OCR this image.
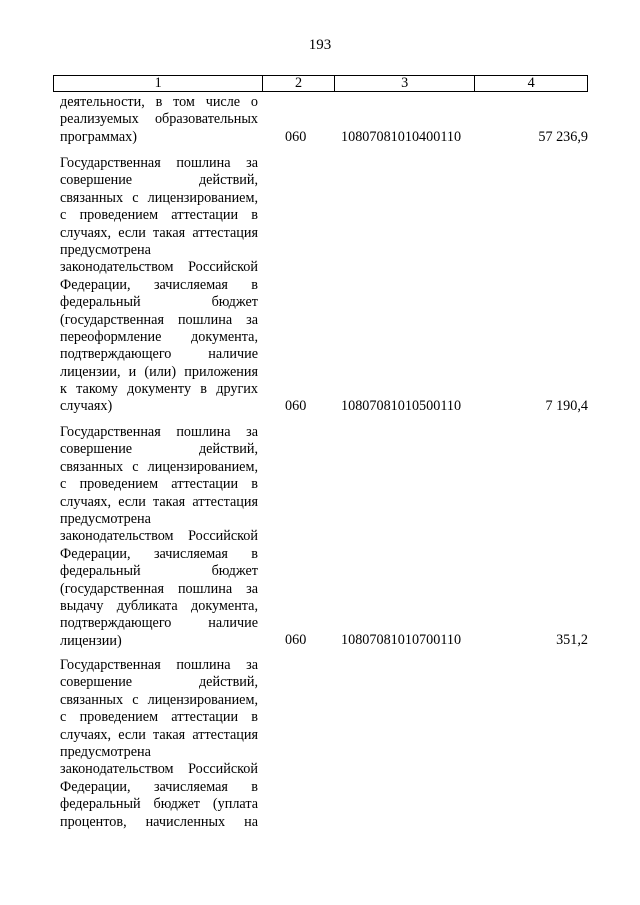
193
1	2	3	4
деятельности, в том числе о
реализуемых образовательных
программах)	060 10807081010400110	57 236,9
Государственная пошлина за
совершение действий,
связанных с лицензированием,
с проведением аттестации в
случаях, если такая аттестация
предусмотрена
законодательством Российской
Федерации, зачисляемая в
федеральный бюджет
(государственная пошлина за
переоформление документа,
подтверждающего наличие
лицензии, и (или) приложения
к такому документу в других
случаях)	060 10807081010500110	7 190,4
Государственная пошлина за
совершение действий,
связанных с лицензированием,
с проведением аттестации в
случаях, если такая аттестация
предусмотрена
законодательством Российской
Федерации, зачисляемая в
федеральный бюджет
(государственная пошлина за
выдачу дубликата документа,
подтверждающего наличие
лицензии)	060 10807081010700110	351,2
Государственная пошлина за
совершение действий,
связанных с лицензированием,
с проведением аттестации в
случаях, если такая аттестация
предусмотрена
законодательством Российской
Федерации, зачисляемая в
федеральный бюджет (уплата
процентов, начисленных на
